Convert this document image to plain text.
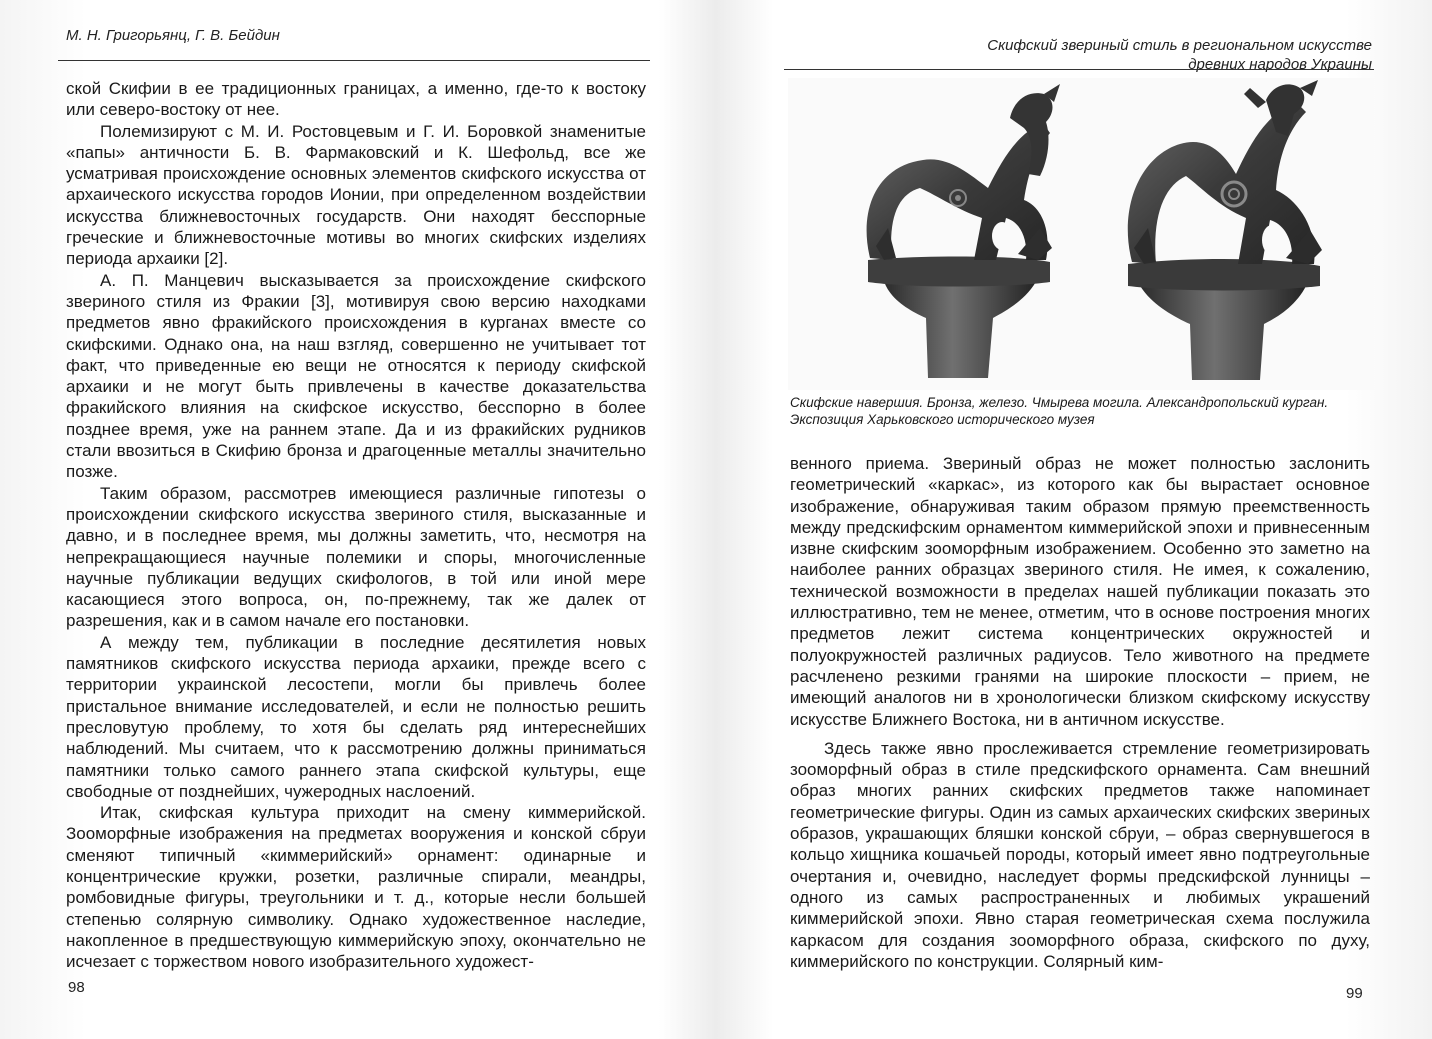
М. Н. Григорьянц, Г. В. Бейдин

ской Скифии в ее традиционных границах, а именно, где-то к востоку или северо-востоку от нее.

Полемизируют с М. И. Ростовцевым и Г. И. Боровкой знаменитые «папы» античности Б. В. Фармаковский и К. Шефольд, все же усматривая происхождение основных элементов скифского искусства от архаического искусства городов Ионии, при определенном воздействии искусства ближневосточных государств. Они находят бесспорные греческие и ближневосточные мотивы во многих скифских изделиях периода архаики [2].

А. П. Манцевич высказывается за происхождение скифского звериного стиля из Фракии [3], мотивируя свою версию находками предметов явно фракийского происхождения в курганах вместе со скифскими. Однако она, на наш взгляд, совершенно не учитывает тот факт, что приведенные ею вещи не относятся к периоду скифской архаики и не могут быть привлечены в качестве доказательства фракийского влияния на скифское искусство, бесспорно в более позднее время, уже на раннем этапе. Да и из фракийских рудников стали ввозиться в Скифию бронза и драгоценные металлы значительно позже.

Таким образом, рассмотрев имеющиеся различные гипотезы о происхождении скифского искусства звериного стиля, высказанные и давно, и в последнее время, мы должны заметить, что, несмотря на непрекращающиеся научные полемики и споры, многочисленные научные публикации ведущих скифологов, в той или иной мере касающиеся этого вопроса, он, по-прежнему, так же далек от разрешения, как и в самом начале его постановки.

А между тем, публикации в последние десятилетия новых памятников скифского искусства периода архаики, прежде всего с территории украинской лесостепи, могли бы привлечь более пристальное внимание исследователей, и если не полностью решить пресловутую проблему, то хотя бы сделать ряд интереснейших наблюдений. Мы считаем, что к рассмотрению должны приниматься памятники только самого раннего этапа скифской культуры, еще свободные от позднейших, чужеродных наслоений.

Итак, скифская культура приходит на смену киммерийской. Зооморфные изображения на предметах вооружения и конской сбруи сменяют типичный «киммерийский» орнамент: одинарные и концентрические кружки, розетки, различные спирали, меандры, ромбовидные фигуры, треугольники и т. д., которые несли большей степенью солярную символику. Однако художественное наследие, накопленное в предшествующую киммерийскую эпоху, окончательно не исчезает с торжеством нового изобразительного художест-

98
Скифский звериный стиль в региональном искусстве
древних народов Украины
Скифские навершия. Бронза, железо. Чмырева могила. Александропольский курган.
Экспозиция Харьковского исторического музея

венного приема. Звериный образ не может полностью заслонить геометрический «каркас», из которого как бы вырастает основное изображение, обнаруживая таким образом прямую преемственность между предскифским орнаментом киммерийской эпохи и привнесенным извне скифским зооморфным изображением. Особенно это заметно на наиболее ранних образцах звериного стиля. Не имея, к сожалению, технической возможности в пределах нашей публикации показать это иллюстративно, тем не менее, отметим, что в основе построения многих предметов лежит система концентрических окружностей и полуокружностей различных радиусов. Тело животного на предмете расчленено резкими гранями на широкие плоскости – прием, не имеющий аналогов ни в хронологически близком скифскому искусству искусстве Ближнего Востока, ни в античном искусстве.

Здесь также явно прослеживается стремление геометризировать зооморфный образ в стиле предскифского орнамента. Сам внешний образ многих ранних скифских предметов также напоминает геометрические фигуры. Один из самых архаических скифских звериных образов, украшающих бляшки конской сбруи, – образ свернувшегося в кольцо хищника кошачьей породы, который имеет явно подтреугольные очертания и, очевидно, наследует формы предскифской лунницы – одного из самых распространенных и любимых украшений киммерийской эпохи. Явно старая геометрическая схема послужила каркасом для создания зооморфного образа, скифского по духу, киммерийского по конструкции. Солярный ким-

99
